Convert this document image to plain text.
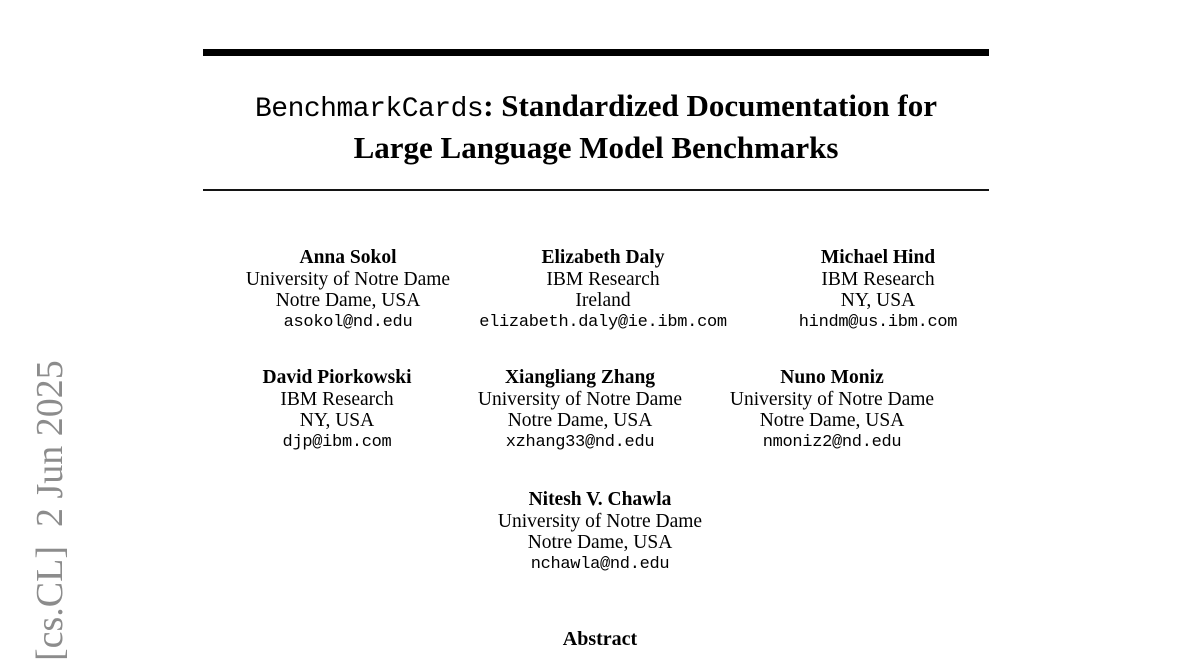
BenchmarkCards: Standardized Documentation for
Large Language Model Benchmarks
Anna Sokol
University of Notre Dame
Notre Dame, USA
asokol@nd.edu
Elizabeth Daly
IBM Research
Ireland
elizabeth.daly@ie.ibm.com
Michael Hind
IBM Research
NY, USA
hindm@us.ibm.com
David Piorkowski
IBM Research
NY, USA
djp@ibm.com
Xiangliang Zhang
University of Notre Dame
Notre Dame, USA
xzhang33@nd.edu
Nuno Moniz
University of Notre Dame
Notre Dame, USA
nmoniz2@nd.edu
Nitesh V. Chawla
University of Notre Dame
Notre Dame, USA
nchawla@nd.edu
Abstract
[cs.CL]  2 Jun 2025
